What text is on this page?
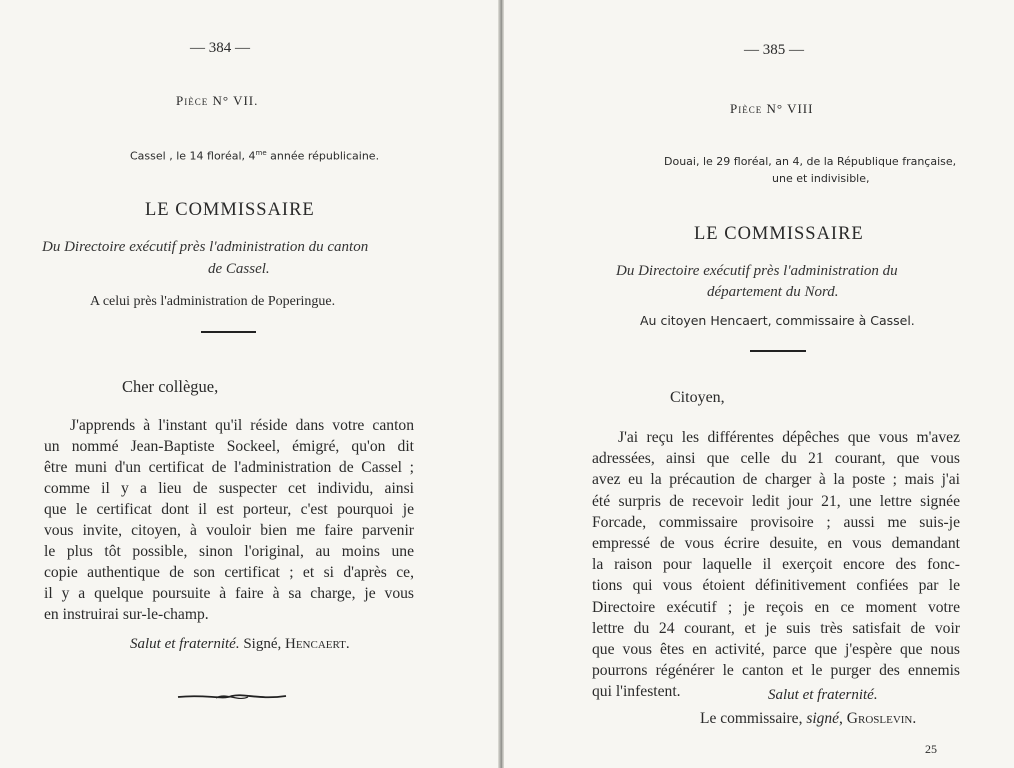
— 384 —
Pièce N° VII.
Cassel , le 14 floréal, $4^{me}$ année républicaine.
LE COMMISSAIRE
Du Directoire exécutif près l'administration du canton
de Cassel.
A celui près l'administration de Poperingue.
Cher collègue,
J'apprends à l'instant qu'il réside dans votre canton
un nommé Jean-Baptiste Sockeel, émigré, qu'on dit
être muni d'un certificat de l'administration de Cassel ;
comme il y a lieu de suspecter cet individu, ainsi
que le certificat dont il est porteur, c'est pourquoi je
vous invite, citoyen, à vouloir bien me faire parvenir
le plus tôt possible, sinon l'original, au moins une
copie authentique de son certificat ; et si d'après ce,
il y a quelque poursuite à faire à sa charge, je vous
en instruirai sur-le-champ.
Salut et fraternité. Signé, Hencaert.
— 385 —
Pièce N° VIII
Douai, le 29 floréal, an 4, de la République française,
une et indivisible,
LE COMMISSAIRE
Du Directoire exécutif près l'administration du
département du Nord.
Au citoyen Hencaert, commissaire à Cassel.
Citoyen,
J'ai reçu les différentes dépêches que vous m'avez
adressées, ainsi que celle du 21 courant, que vous
avez eu la précaution de charger à la poste ; mais j'ai
été surpris de recevoir ledit jour 21, une lettre signée
Forcade, commissaire provisoire ; aussi me suis-je
empressé de vous écrire desuite, en vous demandant
la raison pour laquelle il exerçoit encore des fonc-
tions qui vous étoient définitivement confiées par le
Directoire exécutif ; je reçois en ce moment votre
lettre du 24 courant, et je suis très satisfait de voir
que vous êtes en activité, parce que j'espère que nous
pourrons régénérer le canton et le purger des ennemis
qui l'infestent.	Salut et fraternité.
Le commissaire, signé, Groslevin.
25
